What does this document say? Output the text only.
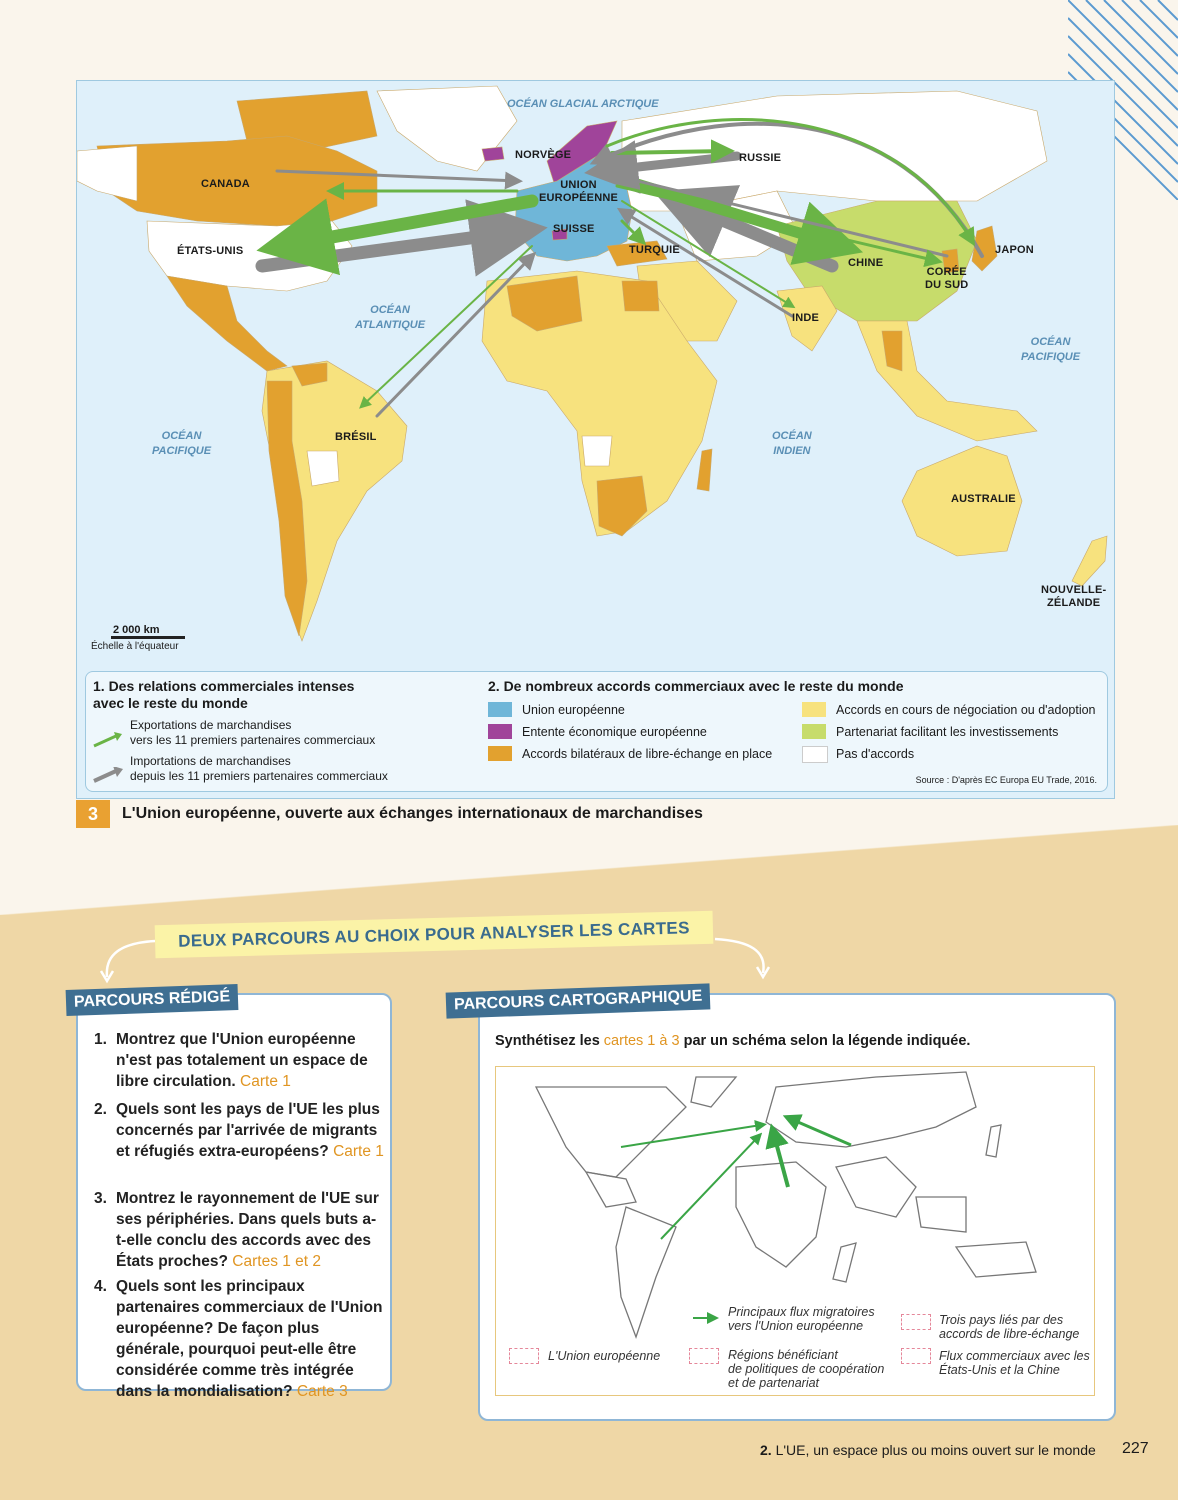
OCÉAN GLACIAL ARCTIQUE
OCÉAN
ATLANTIQUE
OCÉAN
PACIFIQUE
OCÉAN
PACIFIQUE
OCÉAN
INDIEN
CANADA
ÉTATS-UNIS
NORVÈGE	RUSSIE
UNION
EUROPÉENNE
SUISSE
TURQUIE
CHINE
CORÉE
DU SUD
JAPON
INDE
BRÉSIL
AUSTRALIE
NOUVELLE-
ZÉLANDE
2 000 km
Échelle à l'équateur
1. Des relations commerciales intenses
avec le reste du monde
Exportations de marchandises
vers les 11 premiers partenaires commerciaux
Importations de marchandises
depuis les 11 premiers partenaires commerciaux
2. De nombreux accords commerciaux avec le reste du monde
Union européenne
Entente économique européenne
Accords bilatéraux de libre-échange en place
Accords en cours de négociation ou d'adoption
Partenariat facilitant les investissements
Pas d'accords
Source : D'après EC Europa EU Trade, 2016.
3	L'Union européenne, ouverte aux échanges internationaux de marchandises
DEUX PARCOURS AU CHOIX POUR ANALYSER LES CARTES
1. Montrez que l'Union européenne n'est pas totalement un espace de libre circulation. Carte 1
2. Quels sont les pays de l'UE les plus concernés par l'arrivée de migrants et réfugiés extra-européens? Carte 1
3. Montrez le rayonnement de l'UE sur ses périphéries. Dans quels buts a-t-elle conclu des accords avec des États proches? Cartes 1 et 2
4. Quels sont les principaux partenaires commerciaux de l'Union européenne? De façon plus générale, pourquoi peut-elle être considérée comme très intégrée dans la mondialisation? Carte 3
PARCOURS RÉDIGÉ	PARCOURS CARTOGRAPHIQUE
Synthétisez les cartes 1 à 3 par un schéma selon la légende indiquée.
L'Union européenne
Principaux flux migratoires
vers l'Union européenne
Régions bénéficiant
de politiques de coopération
et de partenariat
Trois pays liés par des
accords de libre-échange
Flux commerciaux avec les
États-Unis et la Chine
2. L'UE, un espace plus ou moins ouvert sur le monde 227
